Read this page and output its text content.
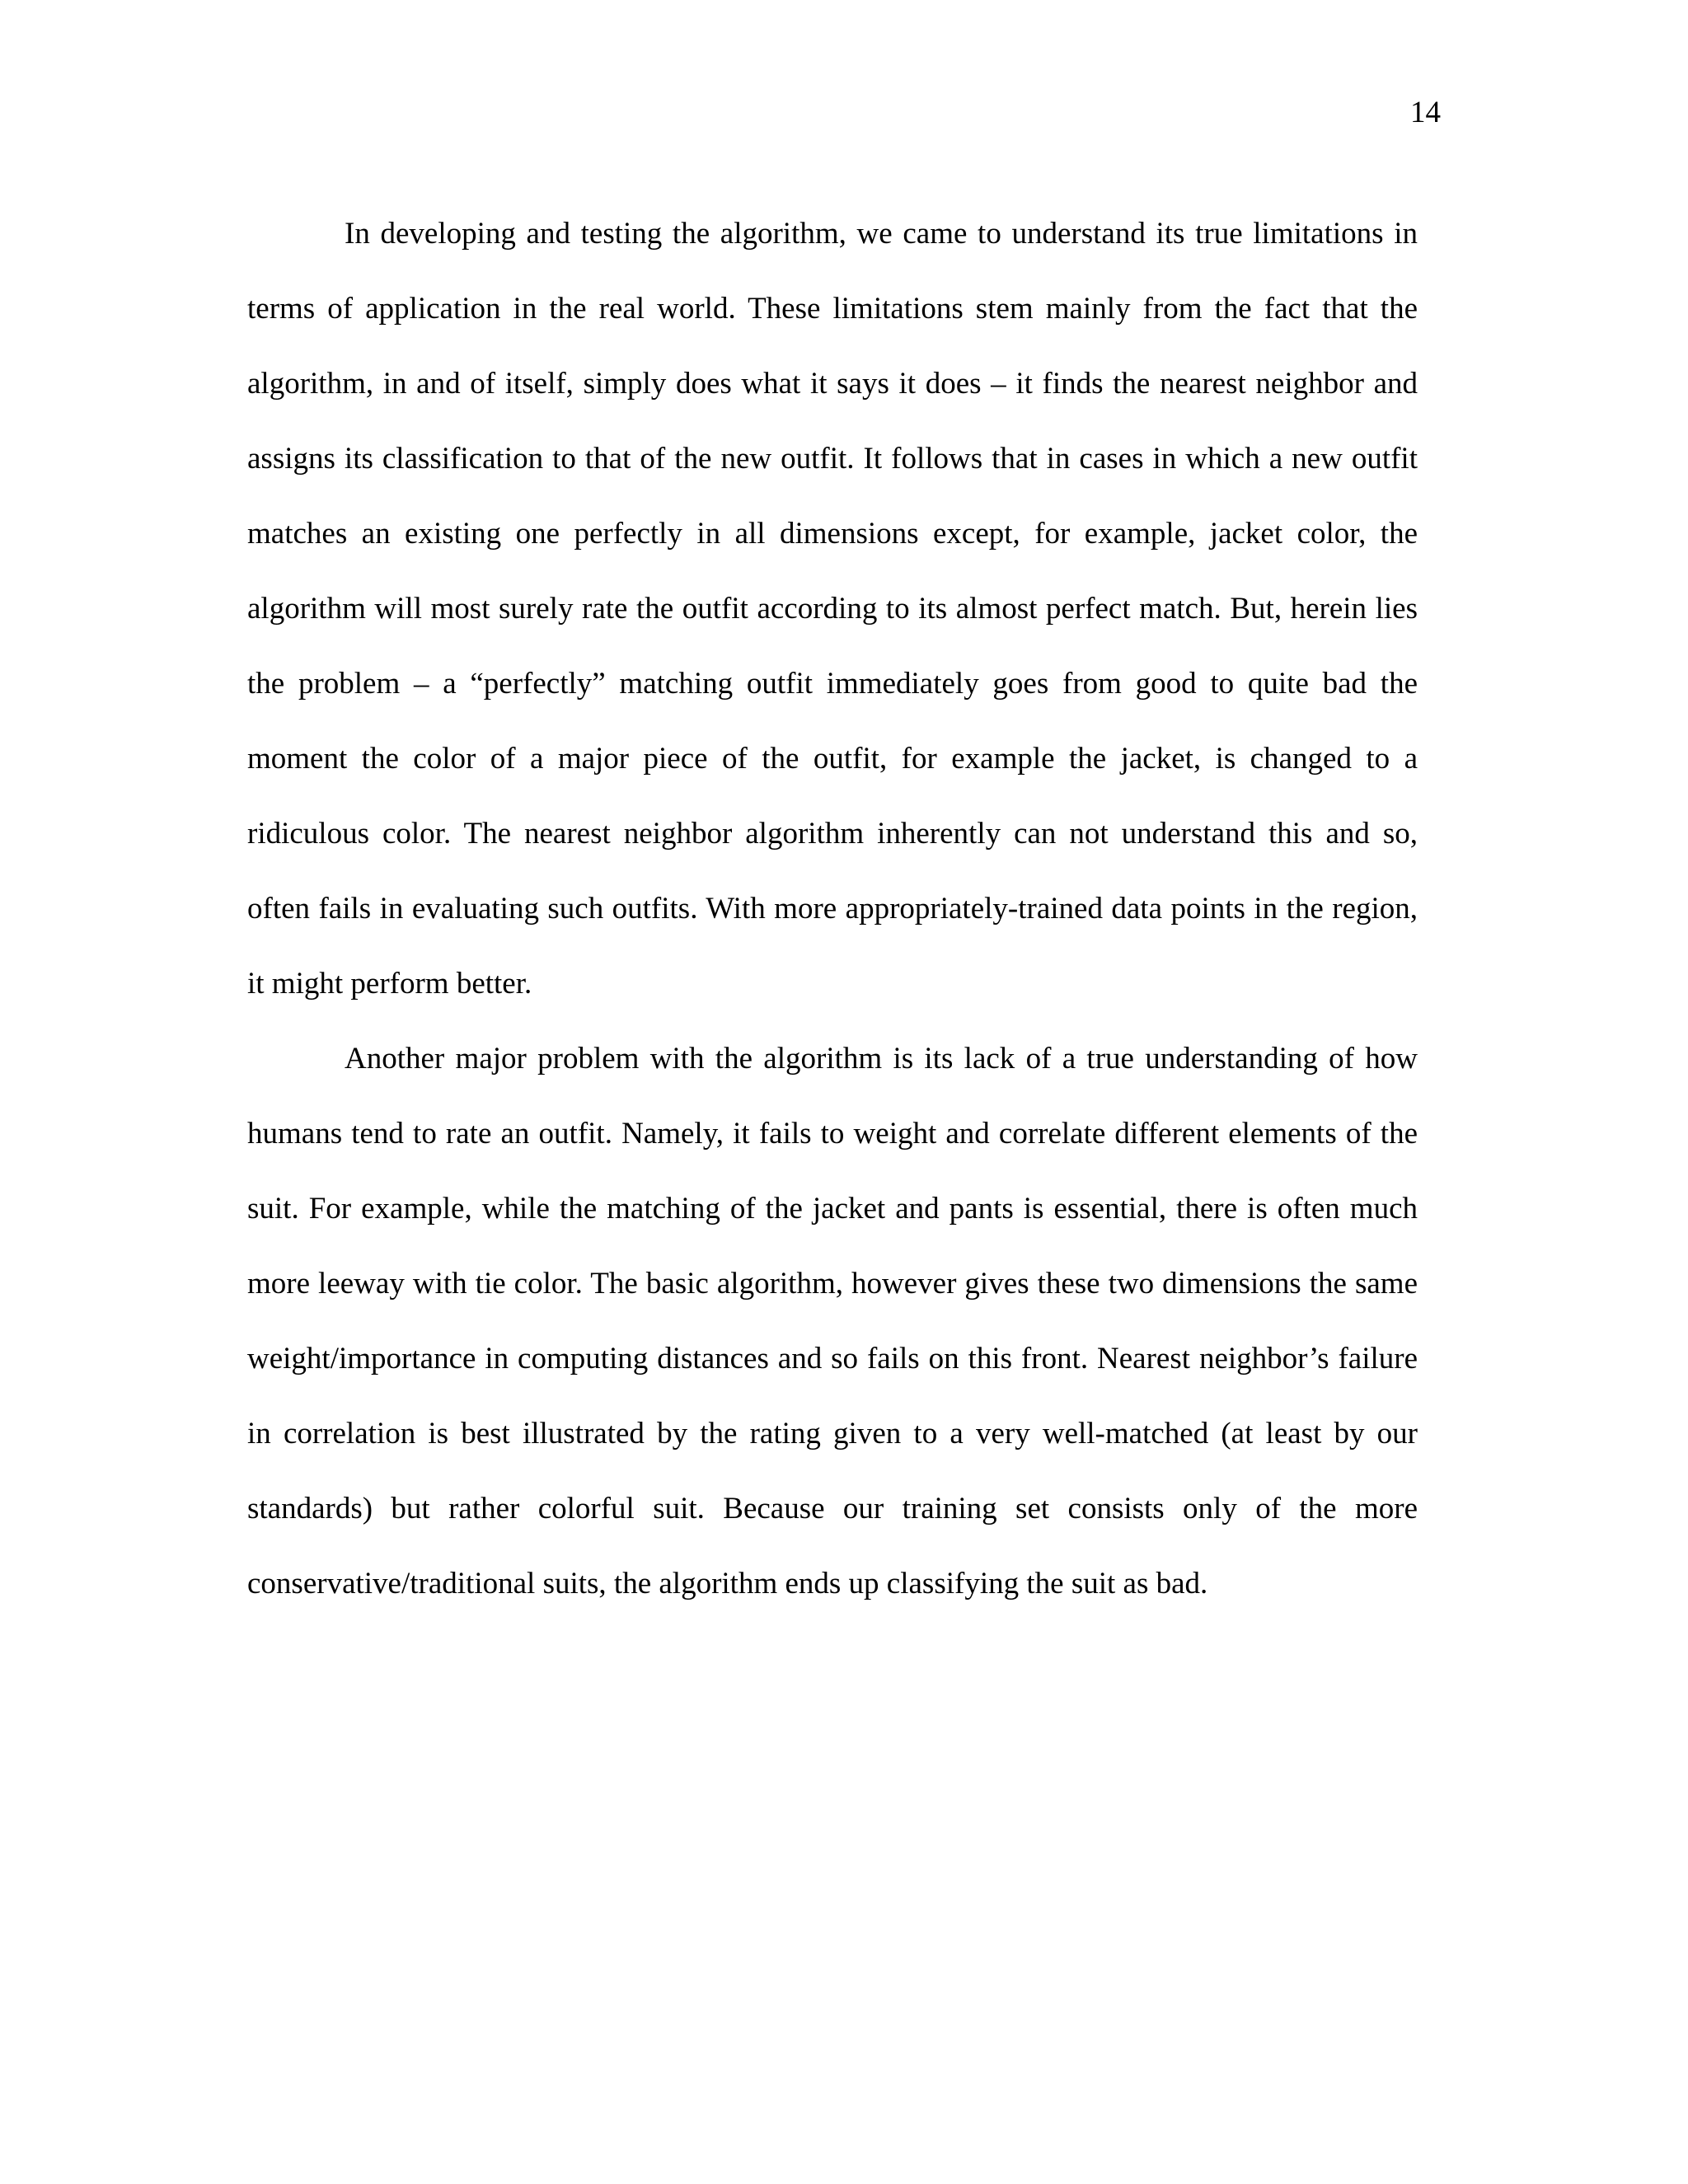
14

In developing and testing the algorithm, we came to understand its true limitations in terms of application in the real world. These limitations stem mainly from the fact that the algorithm, in and of itself, simply does what it says it does – it finds the nearest neighbor and assigns its classification to that of the new outfit. It follows that in cases in which a new outfit matches an existing one perfectly in all dimensions except, for example, jacket color, the algorithm will most surely rate the outfit according to its almost perfect match. But, herein lies the problem – a “perfectly” matching outfit immediately goes from good to quite bad the moment the color of a major piece of the outfit, for example the jacket, is changed to a ridiculous color. The nearest neighbor algorithm inherently can not understand this and so, often fails in evaluating such outfits. With more appropriately-trained data points in the region, it might perform better.

Another major problem with the algorithm is its lack of a true understanding of how humans tend to rate an outfit. Namely, it fails to weight and correlate different elements of the suit. For example, while the matching of the jacket and pants is essential, there is often much more leeway with tie color. The basic algorithm, however gives these two dimensions the same weight/importance in computing distances and so fails on this front. Nearest neighbor’s failure in correlation is best illustrated by the rating given to a very well-matched (at least by our standards) but rather colorful suit. Because our training set consists only of the more conservative/traditional suits, the algorithm ends up classifying the suit as bad.
